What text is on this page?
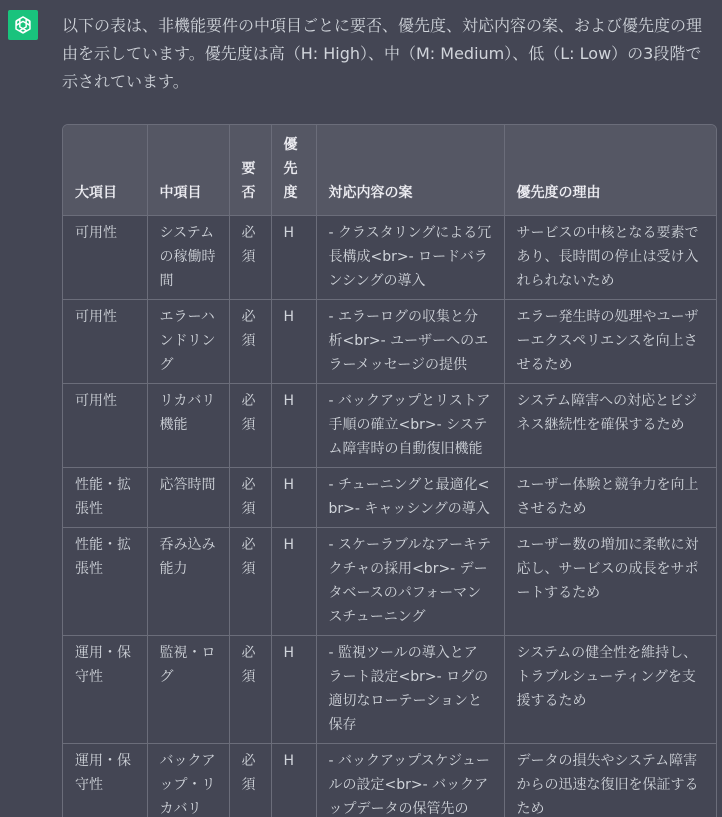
以下の表は、非機能要件の中項目ごとに要否、優先度、対応内容の案、および優先度の理由を示しています。優先度は高（H: High）、中（M: Medium）、低（L: Low）の3段階で示されています。

大項目	中項目	要否	優先度	対応内容の案	優先度の理由
可用性	システムの稼働時間	必須	H	- クラスタリングによる冗長構成<br>- ロードバランシングの導入	サービスの中核となる要素であり、長時間の停止は受け入れられないため
可用性	エラーハンドリング	必須	H	- エラーログの収集と分析<br>- ユーザーへのエラーメッセージの提供	エラー発生時の処理やユーザーエクスペリエンスを向上させるため
可用性	リカバリ機能	必須	H	- バックアップとリストア手順の確立<br>- システム障害時の自動復旧機能	システム障害への対応とビジネス継続性を確保するため
性能・拡張性	応答時間	必須	H	- チューニングと最適化<br>- キャッシングの導入	ユーザー体験と競争力を向上させるため
性能・拡張性	呑み込み能力	必須	H	- スケーラブルなアーキテクチャの採用<br>- データベースのパフォーマンスチューニング	ユーザー数の増加に柔軟に対応し、サービスの成長をサポートするため
運用・保守性	監視・ログ	必須	H	- 監視ツールの導入とアラート設定<br>- ログの適切なローテーションと保存	システムの健全性を維持し、トラブルシューティングを支援するため
運用・保守性	バックアップ・リカバリ	必須	H	- バックアップスケジュールの設定<br>- バックアップデータの保管先の	データの損失やシステム障害からの迅速な復旧を保証するため
